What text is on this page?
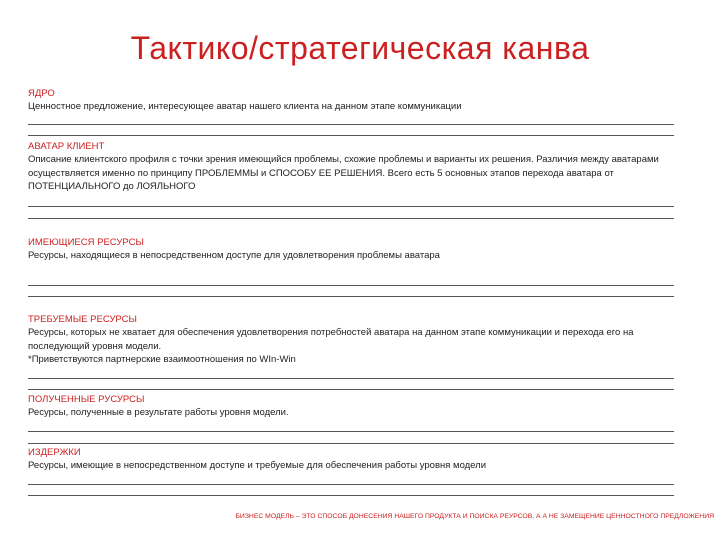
Тактико/стратегическая канва
ЯДРО
Ценностное предложение, интересующее аватар нашего клиента на данном этапе коммуникации
АВАТАР КЛИЕНТ
Описание клиентского профиля с точки зрения имеющийся проблемы, схожие проблемы и варианты их решения. Различия между аватарами осуществляется именно по принципу ПРОБЛЕММЫ и СПОСОБУ ЕЕ РЕШЕНИЯ. Всего есть 5 основных этапов перехода аватара от ПОТЕНЦИАЛЬНОГО до ЛОЯЛЬНОГО
ИМЕЮЩИЕСЯ РЕСУРСЫ
Ресурсы, находящиеся в непосредственном доступе для удовлетворения проблемы аватара
ТРЕБУЕМЫЕ РЕСУРСЫ
Ресурсы, которых не хватает для обеспечения удовлетворения потребностей аватара на данном этапе коммуникации и перехода его на последующий уровня модели.
*Приветствуются партнерские взаимоотношения по WIn-Win
ПОЛУЧЕННЫЕ РУСУРСЫ
Ресурсы, полученные в результате работы уровня модели.
ИЗДЕРЖКИ
Ресурсы, имеющие в непосредственном доступе и требуемые для обеспечения работы уровня модели
БИЗНЕС МОДЕЛЬ – ЭТО СПОСОБ ДОНЕСЕНИЯ НАШЕГО ПРОДУКТА И ПОИСКА РЕУРСОВ, А А НЕ ЗАМЕЩЕНИЕ ЦЕННОСТНОГО ПРЕДЛОЖЕНИЯ
